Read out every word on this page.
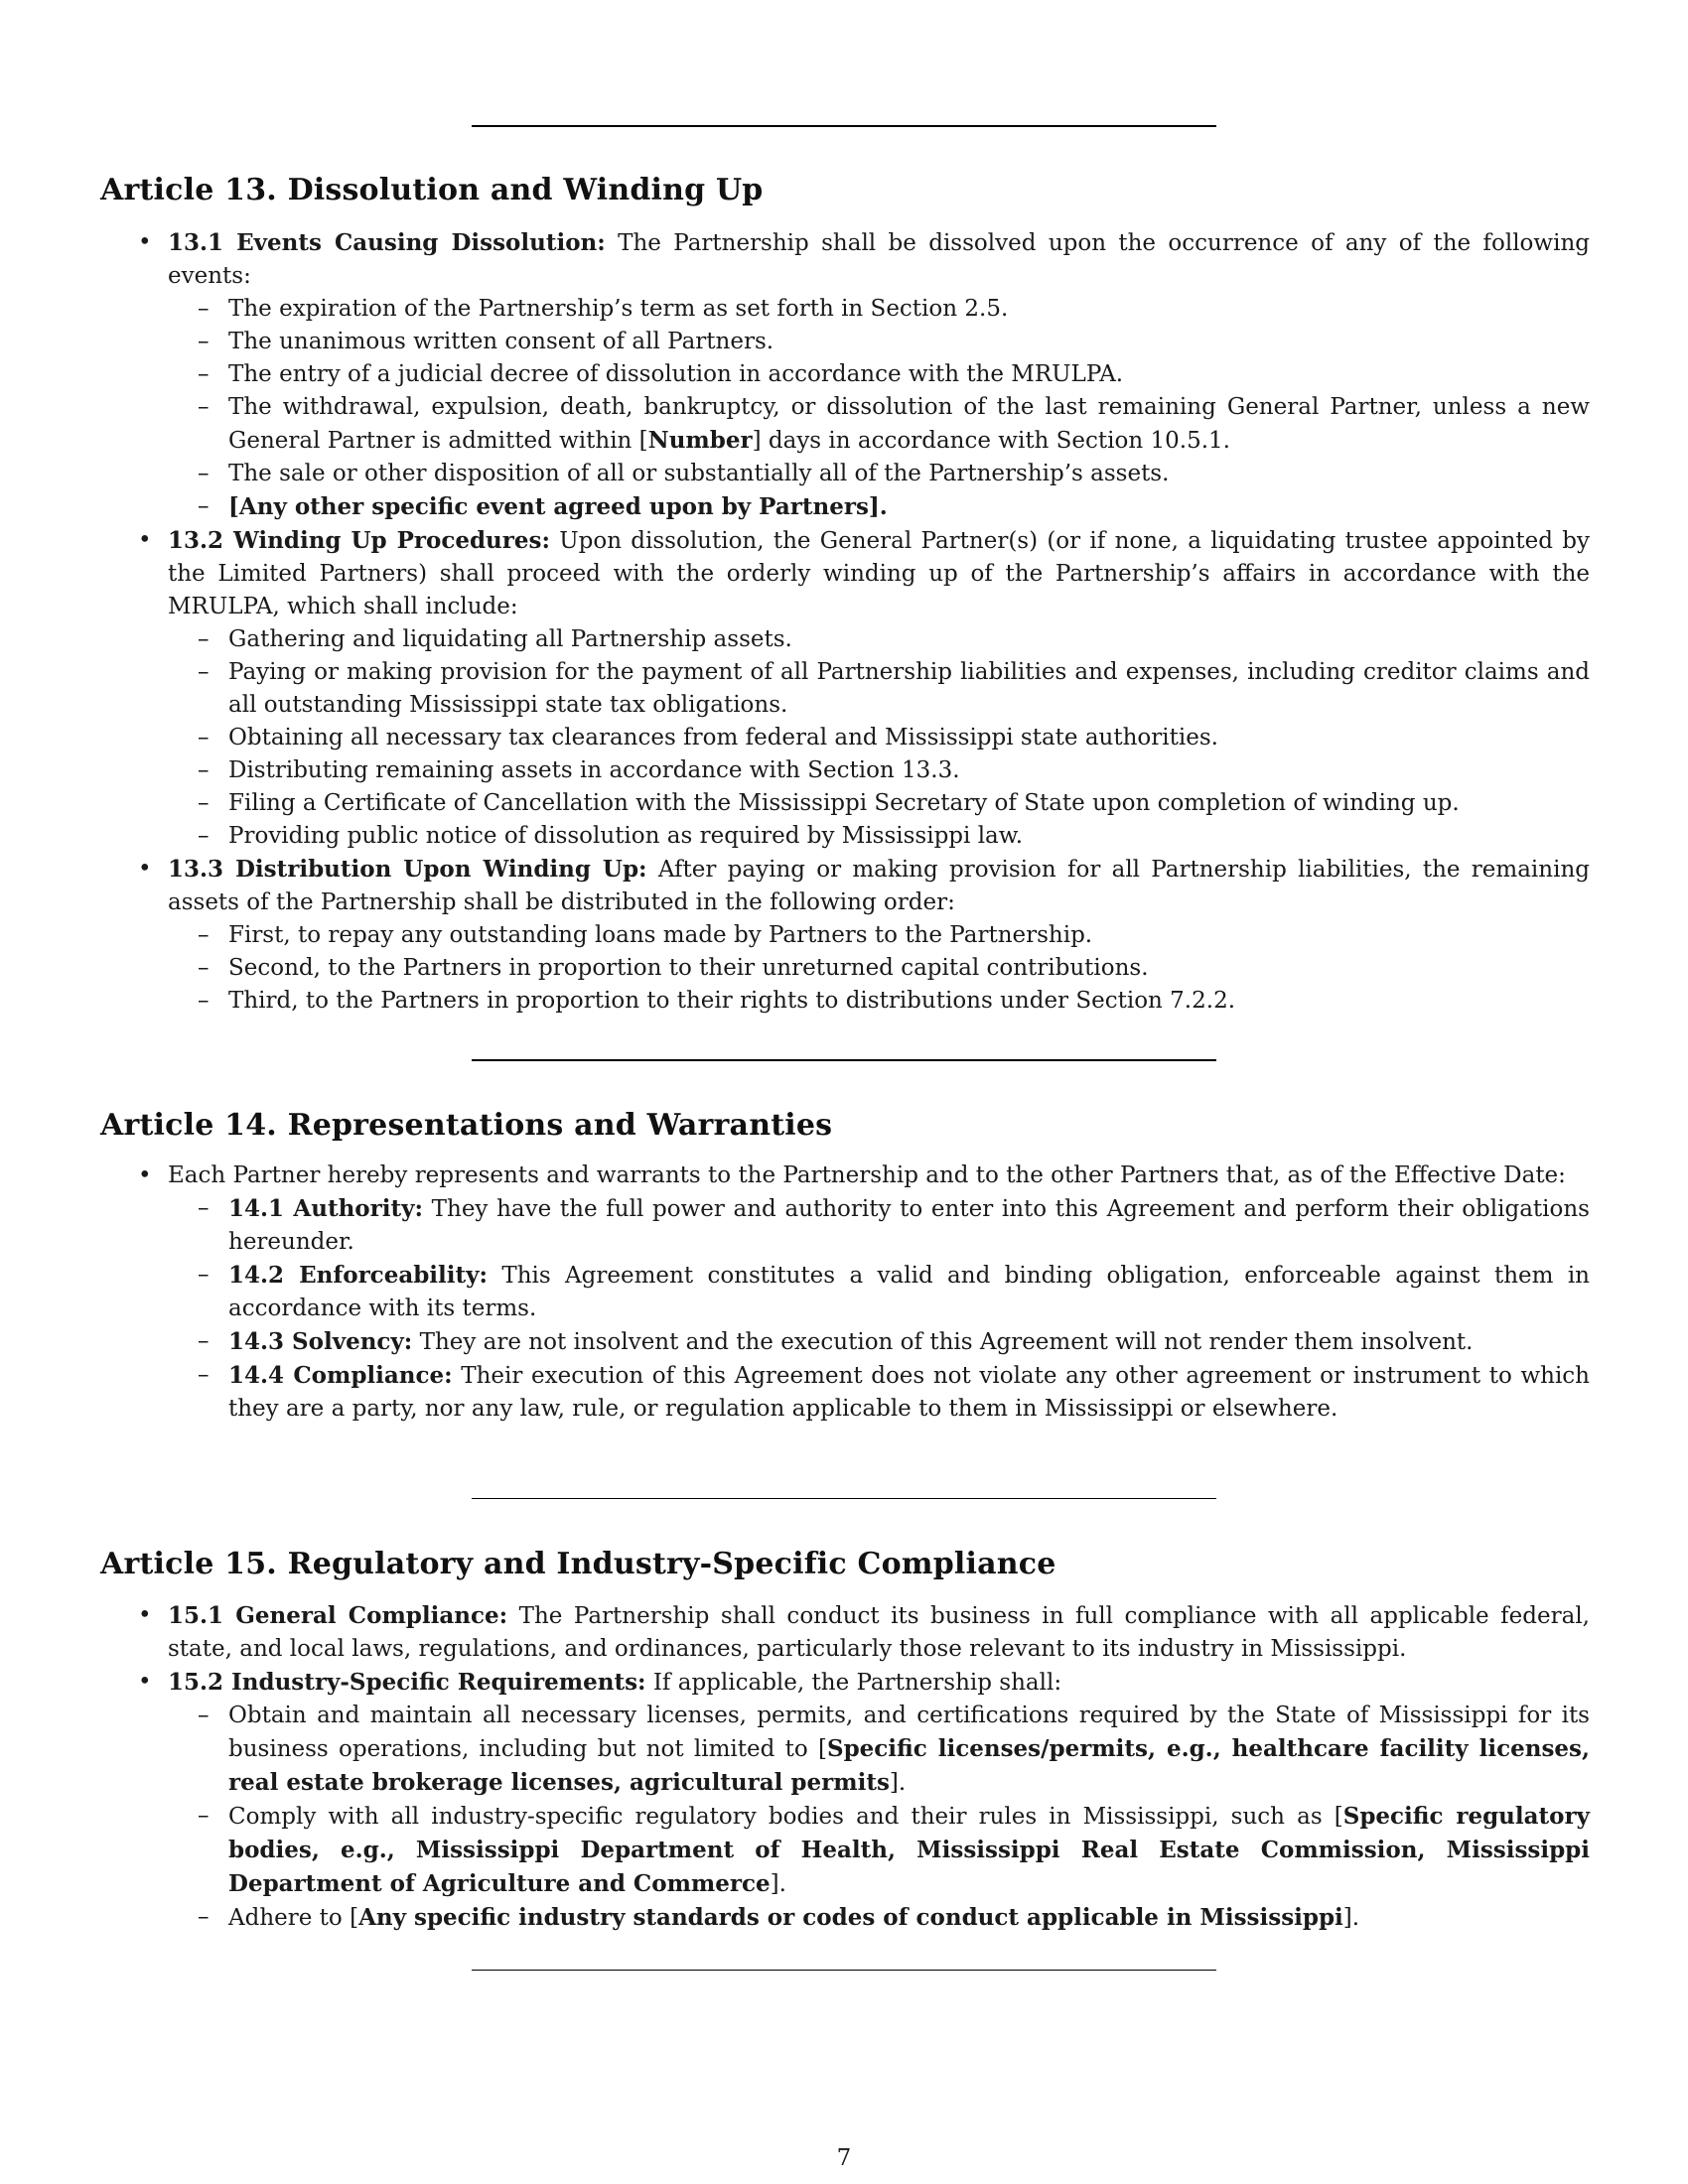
Article 13. Dissolution and Winding Up
• 13.1 Events Causing Dissolution: The Partnership shall be dissolved upon the occurrence of any of the following events:
– The expiration of the Partnership’s term as set forth in Section 2.5.
– The unanimous written consent of all Partners.
– The entry of a judicial decree of dissolution in accordance with the MRULPA.
– The withdrawal, expulsion, death, bankruptcy, or dissolution of the last remaining General Partner, unless a new General Partner is admitted within [Number] days in accordance with Section 10.5.1.
– The sale or other disposition of all or substantially all of the Partnership’s assets.
– [Any other specific event agreed upon by Partners].
• 13.2 Winding Up Procedures: Upon dissolution, the General Partner(s) (or if none, a liquidating trustee appointed by the Limited Partners) shall proceed with the orderly winding up of the Partnership’s affairs in accordance with the MRULPA, which shall include:
– Gathering and liquidating all Partnership assets.
– Paying or making provision for the payment of all Partnership liabilities and expenses, including creditor claims and all outstanding Mississippi state tax obligations.
– Obtaining all necessary tax clearances from federal and Mississippi state authorities.
– Distributing remaining assets in accordance with Section 13.3.
– Filing a Certificate of Cancellation with the Mississippi Secretary of State upon completion of winding up.
– Providing public notice of dissolution as required by Mississippi law.
• 13.3 Distribution Upon Winding Up: After paying or making provision for all Partnership liabilities, the remaining assets of the Partnership shall be distributed in the following order:
– First, to repay any outstanding loans made by Partners to the Partnership.
– Second, to the Partners in proportion to their unreturned capital contributions.
– Third, to the Partners in proportion to their rights to distributions under Section 7.2.2.
Article 14. Representations and Warranties
• Each Partner hereby represents and warrants to the Partnership and to the other Partners that, as of the Effective Date:
– 14.1 Authority: They have the full power and authority to enter into this Agreement and perform their obligations hereunder.
– 14.2 Enforceability: This Agreement constitutes a valid and binding obligation, enforceable against them in accordance with its terms.
– 14.3 Solvency: They are not insolvent and the execution of this Agreement will not render them insolvent.
– 14.4 Compliance: Their execution of this Agreement does not violate any other agreement or instrument to which they are a party, nor any law, rule, or regulation applicable to them in Mississippi or elsewhere.
Article 15. Regulatory and Industry-Specific Compliance
• 15.1 General Compliance: The Partnership shall conduct its business in full compliance with all applicable federal, state, and local laws, regulations, and ordinances, particularly those relevant to its industry in Mississippi.
• 15.2 Industry-Specific Requirements: If applicable, the Partnership shall:
– Obtain and maintain all necessary licenses, permits, and certifications required by the State of Mississippi for its business operations, including but not limited to [Specific licenses/permits, e.g., healthcare facility licenses, real estate brokerage licenses, agricultural permits].
– Comply with all industry-specific regulatory bodies and their rules in Mississippi, such as [Specific regulatory bodies, e.g., Mississippi Department of Health, Mississippi Real Estate Commission, Mississippi Department of Agriculture and Commerce].
– Adhere to [Any specific industry standards or codes of conduct applicable in Mississippi].
7
